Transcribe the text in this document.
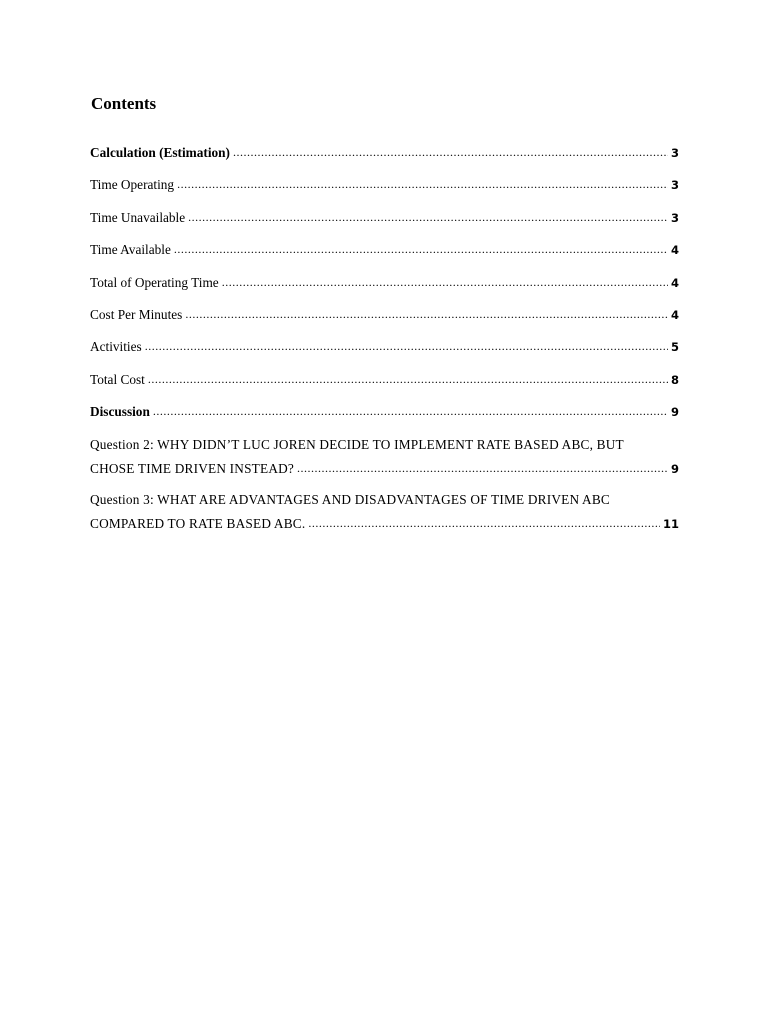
Contents
Calculation (Estimation) .....	3
Time Operating .....	3
Time Unavailable .....	3
Time Available .....	4
Total of Operating Time .....	4
Cost Per Minutes .....	4
Activities .....	5
Total Cost .....	8
Discussion .....	9
Question 2: WHY DIDN’T LUC JOREN DECIDE TO IMPLEMENT RATE BASED ABC, BUT
CHOSE TIME DRIVEN INSTEAD? .....	9
Question 3: WHAT ARE ADVANTAGES AND DISADVANTAGES OF TIME DRIVEN ABC
COMPARED TO RATE BASED ABC. .....	11
